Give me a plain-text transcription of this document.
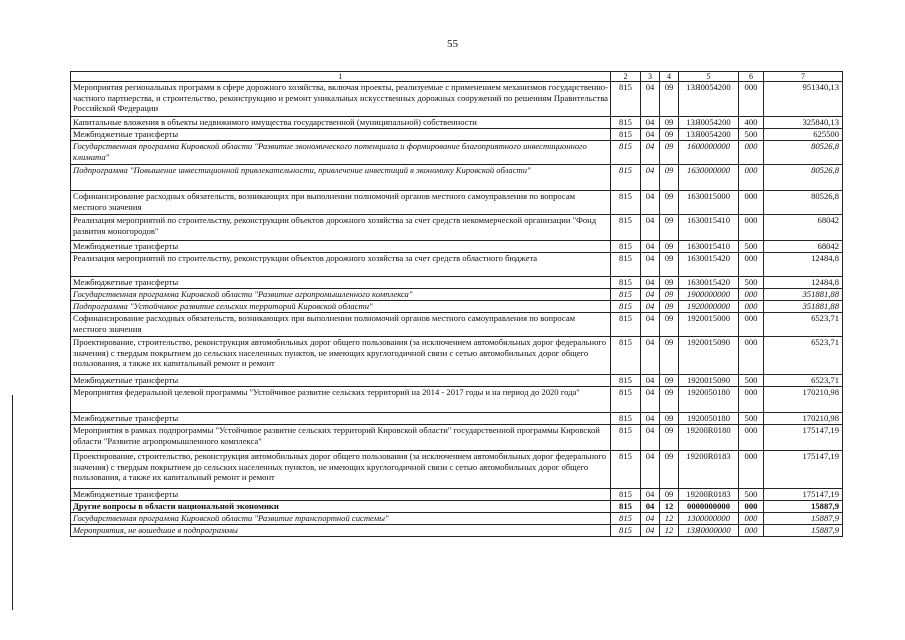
55
1	2	3	4	5	6	7
Мероприятия региональных программ в сфере дорожного хозяйства, включая проекты, реализуемые с применением механизмов государственно-частного партнерства, и строительство, реконструкцию и ремонт уникальных искусственных дорожных сооружений по решениям Правительства Российской Федерации	815	04	09	13Я0054200	000	951340,13
Капитальные вложения в объекты недвижимого имущества государственной (муниципальной) собственности	815	04	09	13Я0054200	400	325840,13
Межбюджетные трансферты	815	04	09	13Я0054200	500	625500
Государственная программа Кировской области "Развитие экономического потенциала и формирование благоприятного инвестиционного климата"	815	04	09	1600000000	000	80526,8
Подпрограмма "Повышение инвестиционной привлекательности, привлечение инвестиций в экономику Кировской области"	815	04	09	1630000000	000	80526,8
Софинансирование расходных обязательств, возникающих при выполнении полномочий органов местного самоуправления по вопросам местного значения	815	04	09	1630015000	000	80526,8
Реализация мероприятий по строительству, реконструкции объектов дорожного хозяйства за счет средств некоммерческой организации "Фонд развития моногородов"	815	04	09	1630015410	000	68042
Межбюджетные трансферты	815	04	09	1630015410	500	68042
Реализация мероприятий по строительству, реконструкции объектов дорожного хозяйства за счет средств областного бюджета	815	04	09	1630015420	000	12484,8
Межбюджетные трансферты	815	04	09	1630015420	500	12484,8
Государственная программа Кировской области "Развитие агропромышленного комплекса"	815	04	09	1900000000	000	351881,88
Подпрограмма "Устойчивое развитие сельских территорий Кировской области"	815	04	09	1920000000	000	351881,88
Софинансирование расходных обязательств, возникающих при выполнении полномочий органов местного самоуправления по вопросам местного значения	815	04	09	1920015000	000	6523,71
Проектирование, строительство, реконструкция автомобильных дорог общего пользования (за исключением автомобильных дорог федерального значения) с твердым покрытием до сельских населенных пунктов, не имеющих круглогодичной связи с сетью автомобильных дорог общего пользования, а также их капитальный ремонт и ремонт	815	04	09	1920015090	000	6523,71
Межбюджетные трансферты	815	04	09	1920015090	500	6523,71
Мероприятия федеральной целевой программы "Устойчивое развитие сельских территорий на 2014 - 2017 годы и на период до 2020 года"	815	04	09	1920050180	000	170210,98
Межбюджетные трансферты	815	04	09	1920050180	500	170210,98
Мероприятия в рамках подпрограммы "Устойчивое развитие сельских территорий Кировской области" государственной программы Кировской области "Развитие агропромышленного комплекса"	815	04	09	19200R0180	000	175147,19
Проектирование, строительство, реконструкция автомобильных дорог общего пользования (за исключением автомобильных дорог федерального значения) с твердым покрытием до сельских населенных пунктов, не имеющих круглогодичной связи с сетью автомобильных дорог общего пользования, а также их капитальный ремонт и ремонт	815	04	09	19200R0183	000	175147,19
Межбюджетные трансферты	815	04	09	19200R0183	500	175147,19
Другие вопросы в области национальной экономики	815	04	12	0000000000	000	15887,9
Государственная программа Кировской области "Развитие транспортной системы"	815	04	12	1300000000	000	15887,9
Мероприятия, не вошедшие в подпрограммы	815	04	12	13Я0000000	000	15887,9
